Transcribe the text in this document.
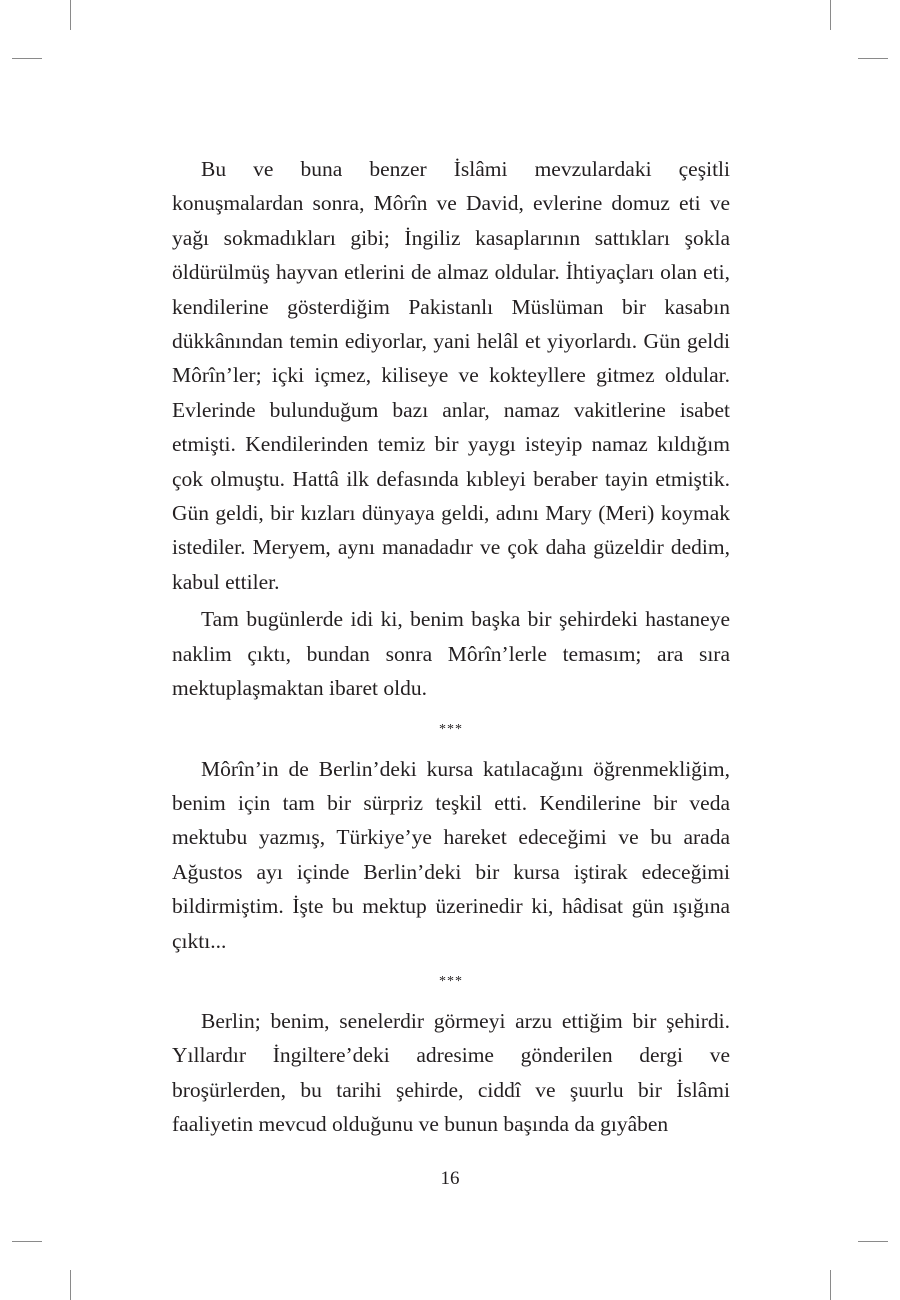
Bu ve buna benzer İslâmi mevzulardaki çeşitli konuşmalardan sonra, Môrîn ve David, evlerine domuz eti ve yağı sokmadıkları gibi; İngiliz kasaplarının sattıkları şokla öldürülmüş hayvan etlerini de almaz oldular. İhtiyaçları olan eti, kendilerine gösterdiğim Pakistanlı Müslüman bir kasabın dükkânından temin ediyorlar, yani helâl et yiyorlardı. Gün geldi Môrîn’ler; içki içmez, kiliseye ve kokteyllere gitmez oldular. Evlerinde bulunduğum bazı anlar, namaz vakitlerine isabet etmişti. Kendilerinden temiz bir yaygı isteyip namaz kıldığım çok olmuştu. Hattâ ilk defasında kıbleyi beraber tayin etmiştik. Gün geldi, bir kızları dünyaya geldi, adını Mary (Meri) koymak istediler. Meryem, aynı manadadır ve çok daha güzeldir dedim, kabul ettiler.

Tam bugünlerde idi ki, benim başka bir şehirdeki hastaneye naklim çıktı, bundan sonra Môrîn’lerle temasım; ara sıra mektuplaşmaktan ibaret oldu.

***

Môrîn’in de Berlin’deki kursa katılacağını öğrenmekliğim, benim için tam bir sürpriz teşkil etti. Kendilerine bir veda mektubu yazmış, Türkiye’ye hareket edeceğimi ve bu arada Ağustos ayı içinde Berlin’deki bir kursa iştirak edeceğimi bildirmiştim. İşte bu mektup üzerinedir ki, hâdisat gün ışığına çıktı...

***

Berlin; benim, senelerdir görmeyi arzu ettiğim bir şehirdi. Yıllardır İngiltere’deki adresime gönderilen dergi ve broşürlerden, bu tarihi şehirde, ciddî ve şuurlu bir İslâmi faaliyetin mevcud olduğunu ve bunun başında da gıyâben

16
